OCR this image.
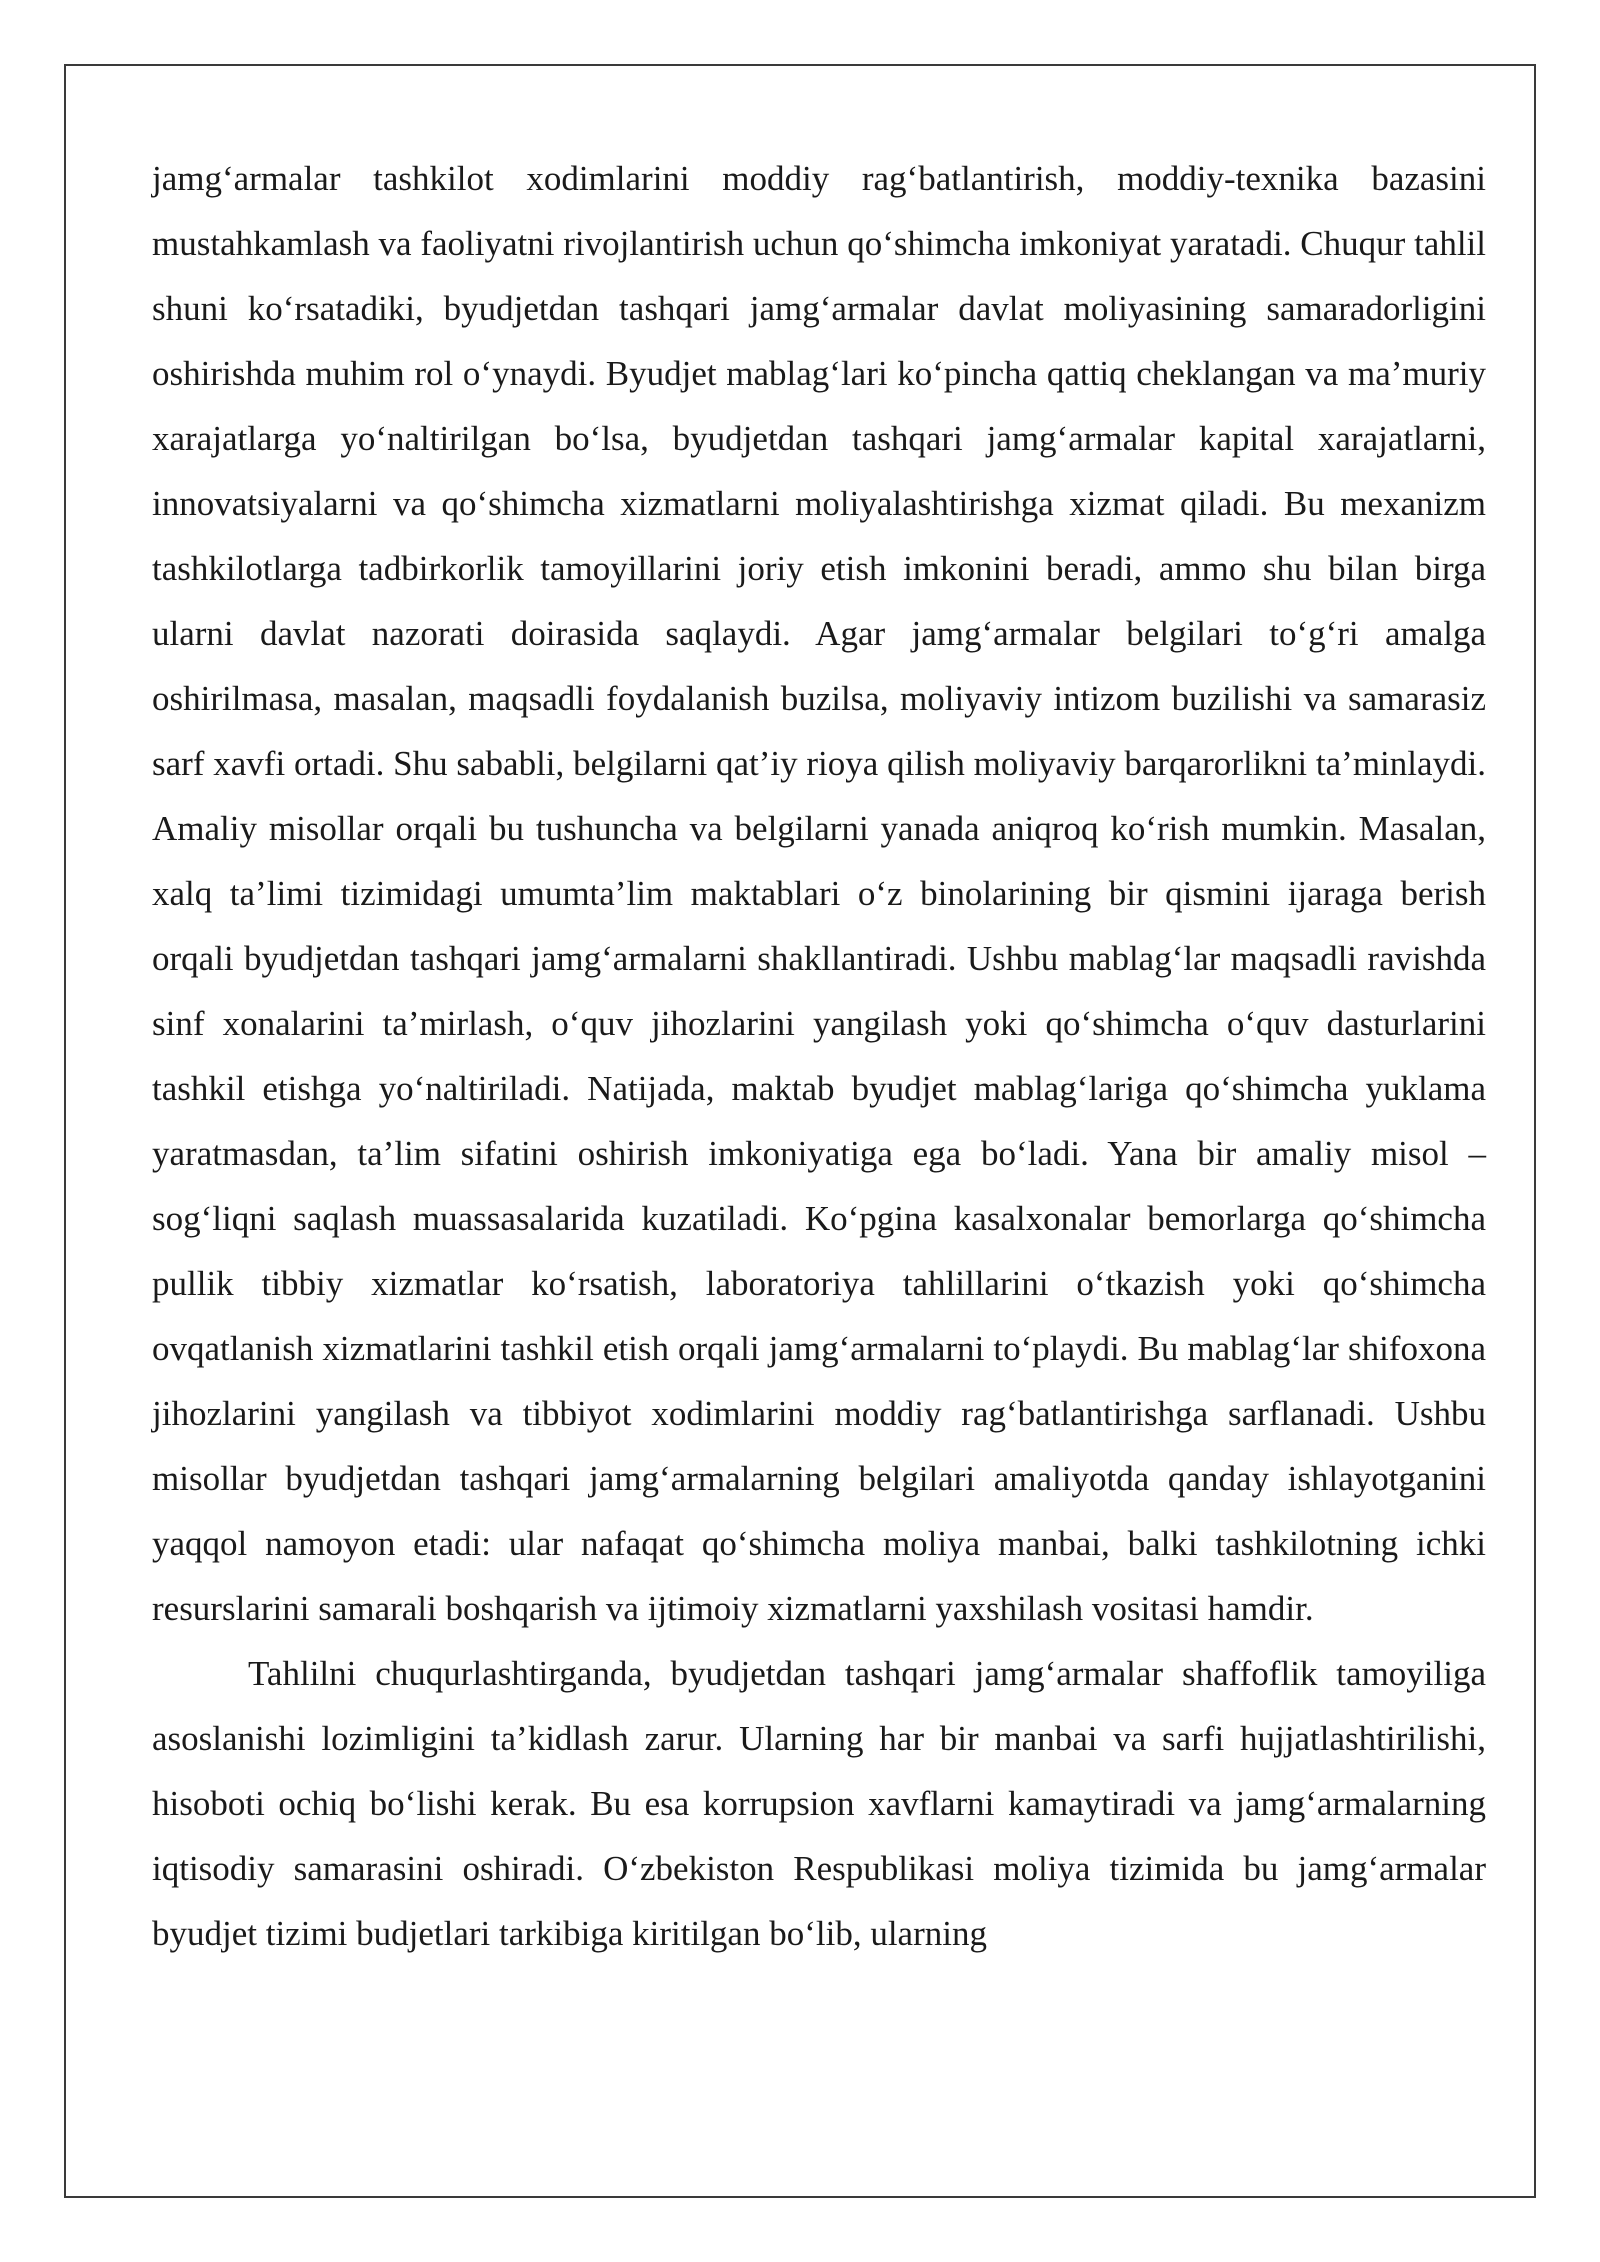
jamg‘armalar tashkilot xodimlarini moddiy rag‘batlantirish, moddiy-texnika bazasini mustahkamlash va faoliyatni rivojlantirish uchun qo‘shimcha imkoniyat yaratadi. Chuqur tahlil shuni ko‘rsatadiki, byudjetdan tashqari jamg‘armalar davlat moliyasining samaradorligini oshirishda muhim rol o‘ynaydi. Byudjet mablag‘lari ko‘pincha qattiq cheklangan va ma’muriy xarajatlarga yo‘naltirilgan bo‘lsa, byudjetdan tashqari jamg‘armalar kapital xarajatlarni, innovatsiyalarni va qo‘shimcha xizmatlarni moliyalashtirishga xizmat qiladi. Bu mexanizm tashkilotlarga tadbirkorlik tamoyillarini joriy etish imkonini beradi, ammo shu bilan birga ularni davlat nazorati doirasida saqlaydi. Agar jamg‘armalar belgilari to‘g‘ri amalga oshirilmasa, masalan, maqsadli foydalanish buzilsa, moliyaviy intizom buzilishi va samarasiz sarf xavfi ortadi. Shu sababli, belgilarni qat’iy rioya qilish moliyaviy barqarorlikni ta’minlaydi. Amaliy misollar orqali bu tushuncha va belgilarni yanada aniqroq ko‘rish mumkin. Masalan, xalq ta’limi tizimidagi umumta’lim maktablari o‘z binolarining bir qismini ijaraga berish orqali byudjetdan tashqari jamg‘armalarni shakllantiradi. Ushbu mablag‘lar maqsadli ravishda sinf xonalarini ta’mirlash, o‘quv jihozlarini yangilash yoki qo‘shimcha o‘quv dasturlarini tashkil etishga yo‘naltiriladi. Natijada, maktab byudjet mablag‘lariga qo‘shimcha yuklama yaratmasdan, ta’lim sifatini oshirish imkoniyatiga ega bo‘ladi. Yana bir amaliy misol – sog‘liqni saqlash muassasalarida kuzatiladi. Ko‘pgina kasalxonalar bemorlarga qo‘shimcha pullik tibbiy xizmatlar ko‘rsatish, laboratoriya tahlillarini o‘tkazish yoki qo‘shimcha ovqatlanish xizmatlarini tashkil etish orqali jamg‘armalarni to‘playdi. Bu mablag‘lar shifoxona jihozlarini yangilash va tibbiyot xodimlarini moddiy rag‘batlantirishga sarflanadi. Ushbu misollar byudjetdan tashqari jamg‘armalarning belgilari amaliyotda qanday ishlayotganini yaqqol namoyon etadi: ular nafaqat qo‘shimcha moliya manbai, balki tashkilotning ichki resurslarini samarali boshqarish va ijtimoiy xizmatlarni yaxshilash vositasi hamdir.

Tahlilni chuqurlashtirganda, byudjetdan tashqari jamg‘armalar shaffoflik tamoyiliga asoslanishi lozimligini ta’kidlash zarur. Ularning har bir manbai va sarfi hujjatlashtirilishi, hisoboti ochiq bo‘lishi kerak. Bu esa korrupsion xavflarni kamaytiradi va jamg‘armalarning iqtisodiy samarasini oshiradi. O‘zbekiston Respublikasi moliya tizimida bu jamg‘armalar byudjet tizimi budjetlari tarkibiga kiritilgan bo‘lib, ularning
